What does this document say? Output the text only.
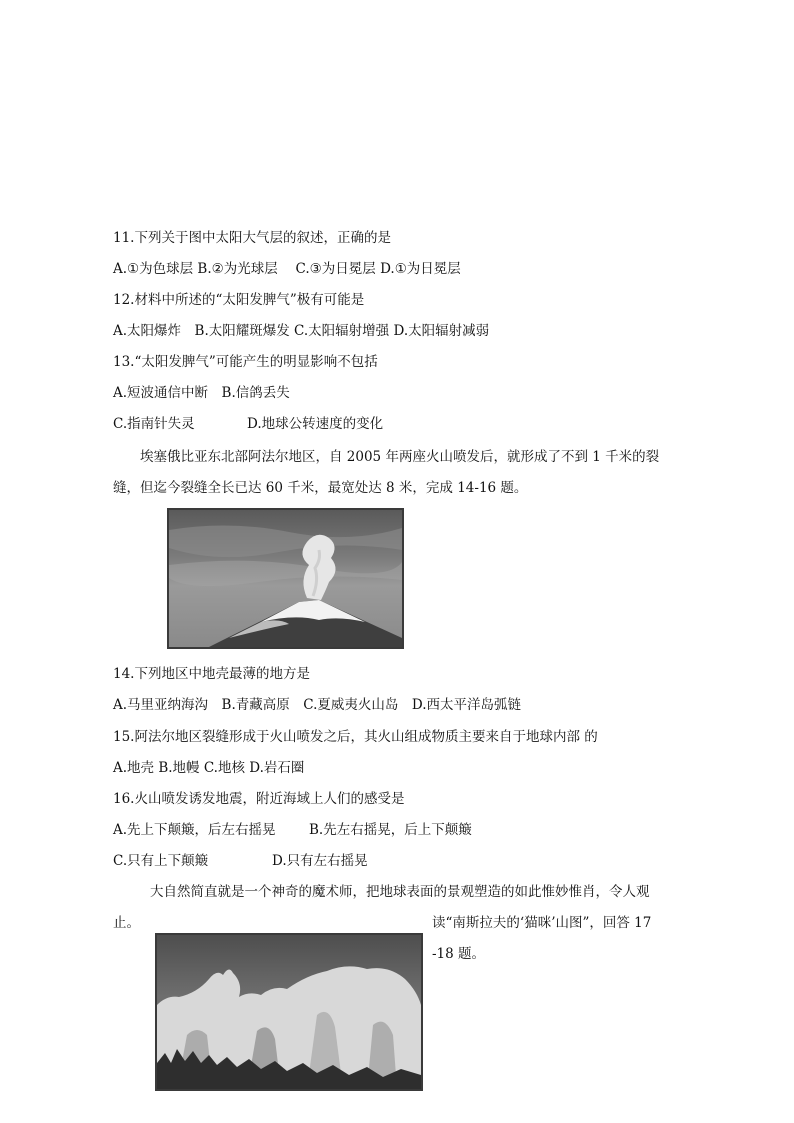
11.下列关于图中太阳大气层的叙述，正确的是
A.①为色球层 B.②为光球层　 C.③为日冕层 D.①为日冕层
12.材料中所述的“太阳发脾气”极有可能是
A.太阳爆炸　B.太阳耀斑爆发 C.太阳辐射增强 D.太阳辐射减弱
13.“太阳发脾气”可能产生的明显影响不包括
A.短波通信中断　B.信鸽丢失
C.指南针失灵	D.地球公转速度的变化
埃塞俄比亚东北部阿法尔地区，自 2005 年两座火山喷发后，就形成了不到 1 千米的裂
缝，但迄今裂缝全长已达 60 千米，最宽处达 8 米，完成 14-16 题。
14.下列地区中地壳最薄的地方是
A.马里亚纳海沟　B.青藏高原　C.夏威夷火山岛　D.西太平洋岛弧链
15.阿法尔地区裂缝形成于火山喷发之后，其火山组成物质主要来自于地球内部 的
A.地壳 B.地幔 C.地核 D.岩石圈
16.火山喷发诱发地震，附近海域上人们的感受是
A.先上下颠簸，后左右摇晃 B.先左右摇晃，后上下颠簸
C.只有上下颠簸	D.只有左右摇晃
大自然简直就是一个神奇的魔术师，把地球表面的景观塑造的如此惟妙惟肖，令人观
止。	读“南斯拉夫的‘猫咪’山图”，回答 17
-18 题。
